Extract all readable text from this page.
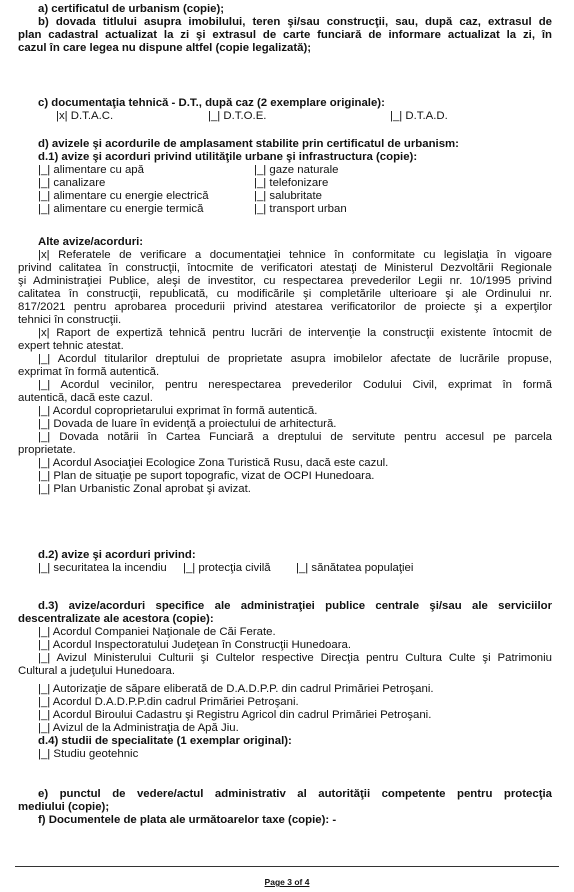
Page 3 of 4
a) certificatul de urbanism (copie);
b) dovada titlului asupra imobilului, teren şi/sau construcţii, sau, după caz, extrasul de
plan cadastral actualizat la zi şi extrasul de carte funciară de informare actualizat la zi, în
cazul în care legea nu dispune altfel (copie legalizată);
c) documentaţia tehnică - D.T., după caz (2 exemplare originale):
|x| D.T.A.C.	|_| D.T.O.E.	|_| D.T.A.D.
d) avizele şi acordurile de amplasament stabilite prin certificatul de urbanism:
d.1) avize şi acorduri privind utilităţile urbane şi infrastructura (copie):
|_| alimentare cu apă	|_| gaze naturale
|_| canalizare	|_| telefonizare
|_| alimentare cu energie electrică	|_| salubritate
|_| alimentare cu energie termică	|_| transport urban
Alte avize/acorduri:
|x| Referatele de verificare a documentaţiei tehnice în conformitate cu legislaţia în vigoare
privind calitatea în construcţii, întocmite de verificatori atestaţi de Ministerul Dezvoltării Regionale
şi Administraţiei Publice, aleşi de investitor, cu respectarea prevederilor Legii nr. 10/1995 privind
calitatea în construcţii, republicată, cu modificările şi completările ulterioare şi ale Ordinului nr.
817/2021 pentru aprobarea procedurii privind atestarea verificatorilor de proiecte şi a experţilor
tehnici în construcţii.
|x| Raport de expertiză tehnică pentru lucrări de intervenţie la construcţii existente întocmit de
expert tehnic atestat.
|_| Acordul titularilor dreptului de proprietate asupra imobilelor afectate de lucrările propuse,
exprimat în formă autentică.
|_| Acordul vecinilor, pentru nerespectarea prevederilor Codului Civil, exprimat în formă
autentică, dacă este cazul.
|_| Acordul coproprietarului exprimat în formă autentică.
|_| Dovada de luare în evidenţă a proiectului de arhitectură.
|_| Dovada notării în Cartea Funciară a dreptului de servitute pentru accesul pe parcela
proprietate.
|_| Acordul Asociaţiei Ecologice Zona Turistică Rusu, dacă este cazul.
|_| Plan de situaţie pe suport topografic, vizat de OCPI Hunedoara.
|_| Plan Urbanistic Zonal aprobat şi avizat.
d.2) avize şi acorduri privind:
|_| securitatea la incendiu |_| protecţia civilă |_| sănătatea populaţiei
d.3) avize/acorduri specifice ale administraţiei publice centrale şi/sau ale serviciilor
descentralizate ale acestora (copie):
|_| Acordul Companiei Naţionale de Căi Ferate.
|_| Acordul Inspectoratului Judeţean în Construcţii Hunedoara.
|_| Avizul Ministerului Culturii şi Cultelor respective Direcţia pentru Cultura Culte şi Patrimoniu
Cultural a judeţului Hunedoara.
|_| Autorizaţie de săpare eliberată de D.A.D.P.P. din cadrul Primăriei Petroşani.
|_| Acordul D.A.D.P.P.din cadrul Primăriei Petroşani.
|_| Acordul Biroului Cadastru şi Registru Agricol din cadrul Primăriei Petroşani.
|_| Avizul de la Administraţia de Apă Jiu.
d.4) studii de specialitate (1 exemplar original):
|_| Studiu geotehnic
e) punctul de vedere/actul administrativ al autorităţii competente pentru protecţia
mediului (copie);
f) Documentele de plata ale următoarelor taxe (copie): -
